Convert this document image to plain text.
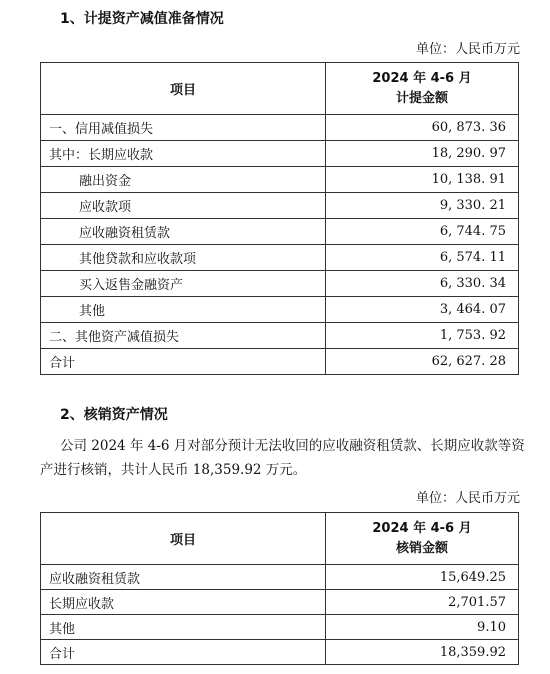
1、计提资产减值准备情况
单位：人民币万元
项目	2024 年 4-6 月
计提金额

一、信用减值损失	60, 873. 36
其中：长期应收款	18, 290. 97
融出资金	10, 138. 91
应收款项	9, 330. 21
应收融资租赁款	6, 744. 75
其他贷款和应收款项	6, 574. 11
买入返售金融资产	6, 330. 34
其他	3, 464. 07
二、其他资产减值损失	1, 753. 92
合计	62, 627. 28
2、核销资产情况
公司 2024 年 4-6 月对部分预计无法收回的应收融资租赁款、长期应收款等资产进行核销，共计人民币 18,359.92 万元。
单位：人民币万元
项目	2024 年 4-6 月
核销金额

应收融资租赁款	15,649.25
长期应收款	2,701.57
其他	9.10
合计	18,359.92
